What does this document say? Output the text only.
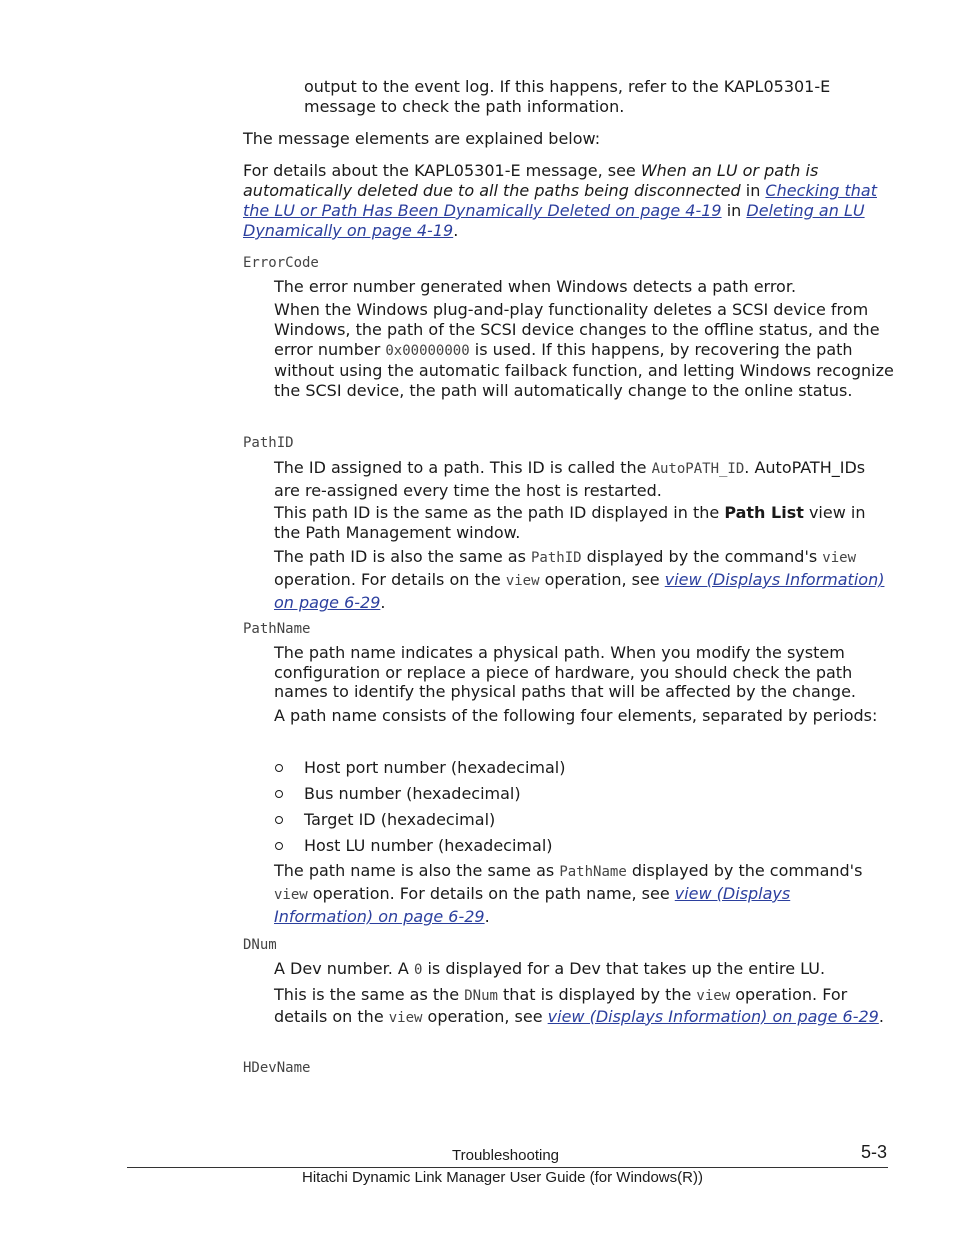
output to the event log. If this happens, refer to the KAPL05301-E

message to check the path information.

The message elements are explained below:

For details about the KAPL05301-E message, see When an LU or path is automatically deleted due to all the paths being disconnected in Checking that the LU or Path Has Been Dynamically Deleted on page 4-19 in Deleting an LU Dynamically on page 4-19.

ErrorCode

The error number generated when Windows detects a path error.

When the Windows plug-and-play functionality deletes a SCSI device from Windows, the path of the SCSI device changes to the offline status, and the error number 0x00000000 is used. If this happens, by recovering the path without using the automatic failback function, and letting Windows recognize the SCSI device, the path will automatically change to the online status.

PathID

The ID assigned to a path. This ID is called the AutoPATH_ID. AutoPATH_IDs are re-assigned every time the host is restarted.

This path ID is the same as the path ID displayed in the Path List view in the Path Management window.

The path ID is also the same as PathID displayed by the command's view operation. For details on the view operation, see view (Displays Information) on page 6-29.

PathName

The path name indicates a physical path. When you modify the system configuration or replace a piece of hardware, you should check the path names to identify the physical paths that will be affected by the change.

A path name consists of the following four elements, separated by periods:

Host port number (hexadecimal)
Bus number (hexadecimal)
Target ID (hexadecimal)
Host LU number (hexadecimal)

The path name is also the same as PathName displayed by the command's view operation. For details on the path name, see view (Displays Information) on page 6-29.

DNum

A Dev number. A 0 is displayed for a Dev that takes up the entire LU.

This is the same as the DNum that is displayed by the view operation. For details on the view operation, see view (Displays Information) on page 6-29.

HDevName
Troubleshooting	5-3
Hitachi Dynamic Link Manager User Guide (for Windows(R))
